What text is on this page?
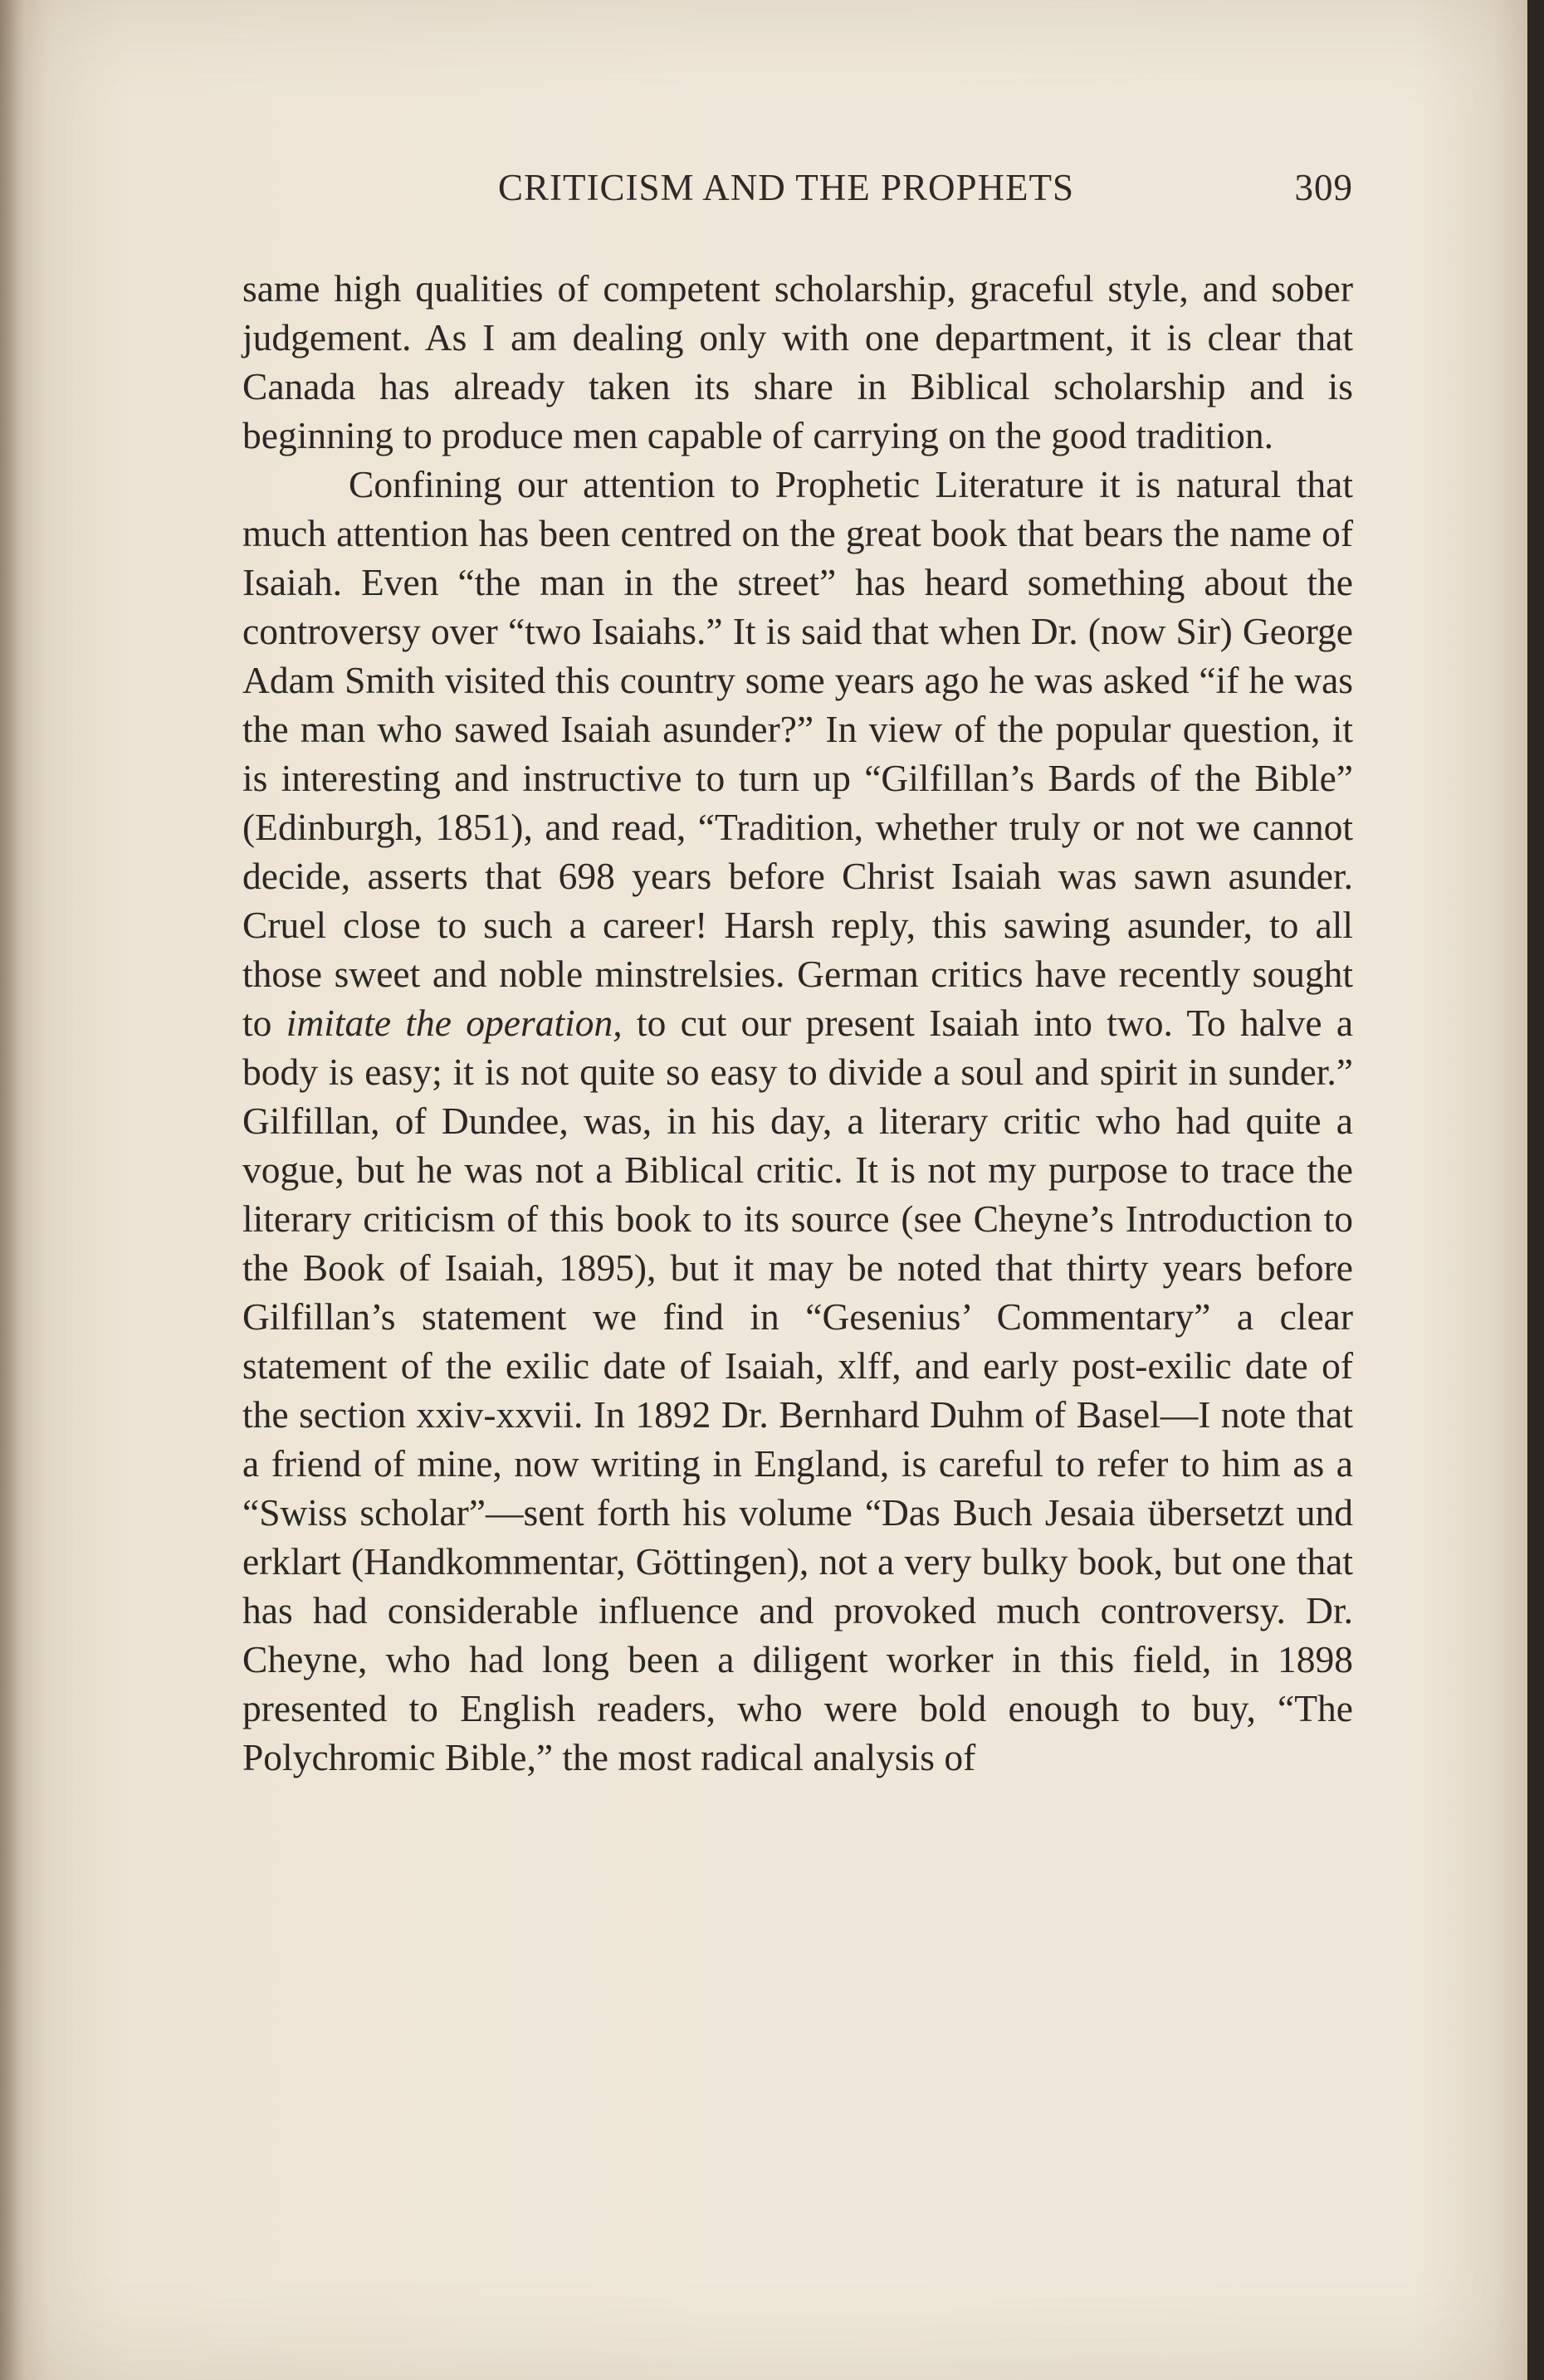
CRITICISM AND THE PROPHETS	309

same high qualities of competent scholarship, graceful style, and sober judgement. As I am dealing only with one department, it is clear that Canada has already taken its share in Biblical scholarship and is beginning to produce men capable of carrying on the good tradition.

Confining our attention to Prophetic Literature it is natural that much attention has been centred on the great book that bears the name of Isaiah. Even “the man in the street” has heard something about the controversy over “two Isaiahs.” It is said that when Dr. (now Sir) George Adam Smith visited this country some years ago he was asked “if he was the man who sawed Isaiah asunder?” In view of the popular question, it is interesting and instructive to turn up “Gilfillan’s Bards of the Bible” (Edinburgh, 1851), and read, “Tradition, whether truly or not we cannot decide, asserts that 698 years before Christ Isaiah was sawn asunder. Cruel close to such a career! Harsh reply, this sawing asunder, to all those sweet and noble minstrelsies. German critics have recently sought to imitate the operation, to cut our present Isaiah into two. To halve a body is easy; it is not quite so easy to divide a soul and spirit in sunder.” Gilfillan, of Dundee, was, in his day, a literary critic who had quite a vogue, but he was not a Biblical critic. It is not my purpose to trace the literary criticism of this book to its source (see Cheyne’s Introduction to the Book of Isaiah, 1895), but it may be noted that thirty years before Gilfillan’s statement we find in “Gesenius’ Commentary” a clear statement of the exilic date of Isaiah, xlff, and early post-exilic date of the section xxiv-xxvii. In 1892 Dr. Bernhard Duhm of Basel—I note that a friend of mine, now writing in England, is careful to refer to him as a “Swiss scholar”—sent forth his volume “Das Buch Jesaia übersetzt und erklart (Handkommentar, Göttingen), not a very bulky book, but one that has had considerable influence and provoked much controversy. Dr. Cheyne, who had long been a diligent worker in this field, in 1898 presented to English readers, who were bold enough to buy, “The Polychromic Bible,” the most radical analysis of
